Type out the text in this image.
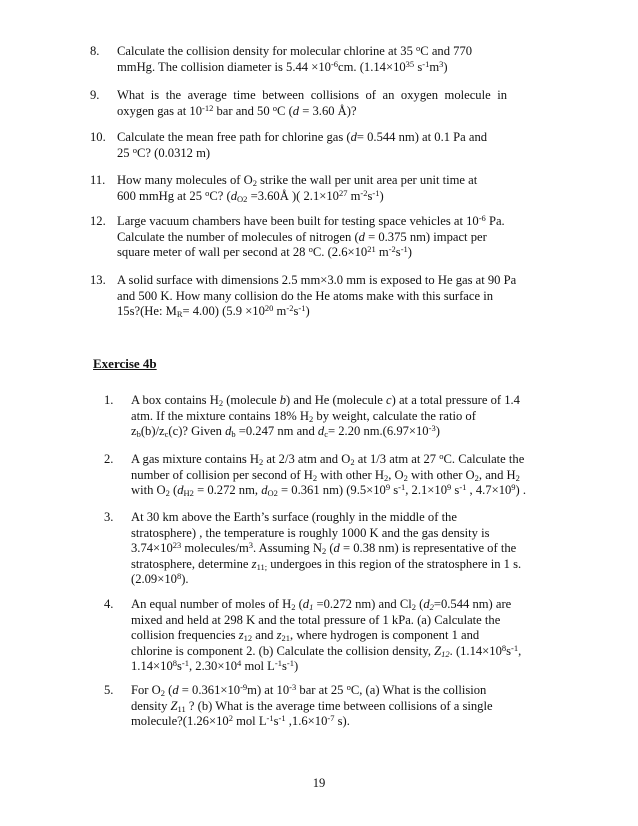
8. Calculate the collision density for molecular chlorine at 35 $^o$C and 770
mmHg. The collision diameter is $5.44 \times 10^{-6}cm$. ($1.14\times 10^{35}$ $s^{-1}m^3$)
9. What is the average time between collisions of an oxygen molecule in
oxygen gas at $10^{-12}$ bar and 50 $^o$C (d = 3.60 Å)?
10. Calculate the mean free path for chlorine gas (d= 0.544 nm) at 0.1 Pa and
25 $^o$C? (0.0312 m)
11. How many molecules of $O_2$ strike the wall per unit area per unit time at
600 mmHg at 25 $^o$C? ($d_{O2}$ =3.60Å )( $2.1\times 10^{27}$ $m^{-2}s^{-1}$)
12. Large vacuum chambers have been built for testing space vehicles at $10^{-6}$ Pa.
Calculate the number of molecules of nitrogen (d = 0.375 nm) impact per
square meter of wall per second at 28 $^o$C. ($2.6\times 10^{21}$ $m^{-2}s^{-1}$)
13. A solid surface with dimensions 2.5 mm×3.0 mm is exposed to He gas at 90 Pa
and 500 K. How many collision do the He atoms make with this surface in
15s?(He: $M_R= 4.00$) ($5.9 \times 10^{20}$ $m^{-2}s^{-1}$)
Exercise 4b
1. A box contains $H_2$ (molecule b) and He (molecule c) at a total pressure of 1.4
atm. If the mixture contains 18% $H_2$ by weight, calculate the ratio of
$z_b(b)/z_c(c)$? Given $d_b =0.247$ nm and $d_c= 2.20$ $nm.(6.97\times 10^{-3})$
2. A gas mixture contains $H_2$ at 2/3 atm and $O_2$ at 1/3 atm at 27 $^o$C. Calculate the
number of collision per second of $H_2$ with other $H_2$, $O_2$ with other $O_2$, and $H_2$
with $O_2$ ($d_{H2} = 0.272$ nm, $d_{O2} = 0.361$ nm) ($9.5\times 10^9$ $s^{-1}$, $2.1\times 10^9$ $s^{-1}$ , $4.7\times 10^9$) .
3. At 30 km above the Earth’s surface (roughly in the middle of the
stratosphere) , the temperature is roughly 1000 K and the gas density is
$3.74\times 10^{23}$ molecules/$m^3$. Assuming $N_2$ (d = 0.38 nm) is representative of the
stratosphere, determine $z_{11;}$ undergoes in this region of the stratosphere in 1 s.
$(2.09\times 10^8)$.
4. An equal number of moles of $H_2$ ($d_1 =0.272$ nm) and $Cl_2$ ($d_2=0.544$ nm) are
mixed and held at 298 K and the total pressure of 1 kPa. (a) Calculate the
collision frequencies $z_{12}$ and $z_{21}$, where hydrogen is component 1 and
chlorine is component 2. (b) Calculate the collision density, $Z_{12}$. ($1.14\times 10^8s^{-1}$,
$1.14\times 10^8s^{-1}$, $2.30\times 10^4$ mol $L^{-1}s^{-1}$)
5. For $O_2$ $(d = 0.361\times 10^{-9}m)$ at $10^{-3}$ bar at 25 $^o$C, (a) What is the collision
density $Z_{11}$ ? (b) What is the average time between collisions of a single
$molecule?(1.26\times 10^2$ mol $L^{-1}s^{-1}$ $,1.6\times 10^{-7}$ s).
19
